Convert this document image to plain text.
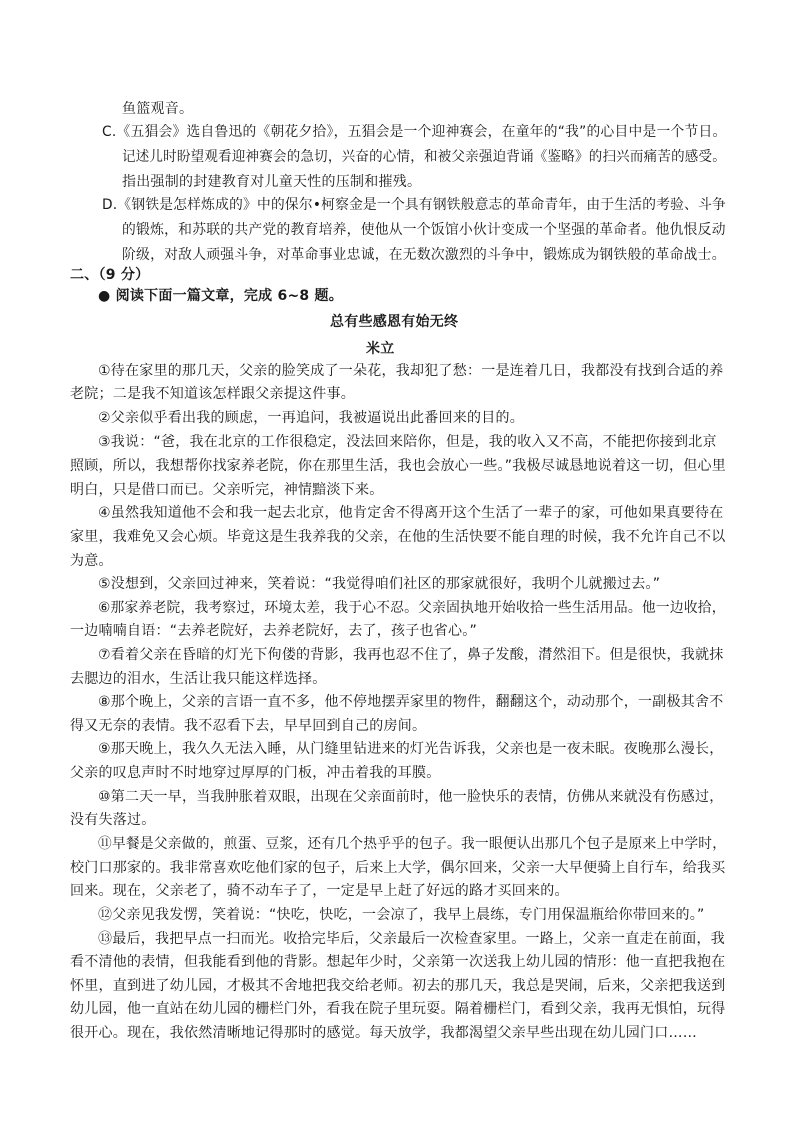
鱼篮观音。
C.《五猖会》选自鲁迅的《朝花夕拾》，五猖会是一个迎神赛会，在童年的“我”的心目中是一个节日。
记述儿时盼望观看迎神赛会的急切，兴奋的心情，和被父亲强迫背诵《鉴略》的扫兴而痛苦的感受。
指出强制的封建教育对儿童天性的压制和摧残。
D.《钢铁是怎样炼成的》中的保尔•柯察金是一个具有钢铁般意志的革命青年，由于生活的考验、斗争
的锻炼，和苏联的共产党的教育培养，使他从一个饭馆小伙计变成一个坚强的革命者。他仇恨反动
阶级，对敌人顽强斗争，对革命事业忠诚，在无数次激烈的斗争中，锻炼成为钢铁般的革命战士。
二、（9 分）
● 阅读下面一篇文章，完成 6~8 题。
总有些感恩有始无终
米立
①待在家里的那几天，父亲的脸笑成了一朵花，我却犯了愁：一是连着几日，我都没有找到合适的养
老院；二是我不知道该怎样跟父亲提这件事。
②父亲似乎看出我的顾虑，一再追问，我被逼说出此番回来的目的。
③我说：“爸，我在北京的工作很稳定，没法回来陪你，但是，我的收入又不高，不能把你接到北京
照顾，所以，我想帮你找家养老院，你在那里生活，我也会放心一些。”我极尽诚恳地说着这一切，但心里
明白，只是借口而已。父亲听完，神情黯淡下来。
④虽然我知道他不会和我一起去北京，他肯定舍不得离开这个生活了一辈子的家，可他如果真要待在
家里，我难免又会心烦。毕竟这是生我养我的父亲，在他的生活快要不能自理的时候，我不允许自己不以
为意。
⑤没想到，父亲回过神来，笑着说：“我觉得咱们社区的那家就很好，我明个儿就搬过去。”
⑥那家养老院，我考察过，环境太差，我于心不忍。父亲固执地开始收拾一些生活用品。他一边收拾，
一边喃喃自语：“去养老院好，去养老院好，去了，孩子也省心。”
⑦看着父亲在昏暗的灯光下佝偻的背影，我再也忍不住了，鼻子发酸，潸然泪下。但是很快，我就抹
去腮边的泪水，生活让我只能这样选择。
⑧那个晚上，父亲的言语一直不多，他不停地摆弄家里的物件，翻翻这个，动动那个，一副极其舍不
得又无奈的表情。我不忍看下去，早早回到自己的房间。
⑨那天晚上，我久久无法入睡，从门缝里钻进来的灯光告诉我，父亲也是一夜未眠。夜晚那么漫长，
父亲的叹息声时不时地穿过厚厚的门板，冲击着我的耳膜。
⑩第二天一早，当我肿胀着双眼，出现在父亲面前时，他一脸快乐的表情，仿佛从来就没有伤感过，
没有失落过。
⑪早餐是父亲做的，煎蛋、豆浆，还有几个热乎乎的包子。我一眼便认出那几个包子是原来上中学时，
校门口那家的。我非常喜欢吃他们家的包子，后来上大学，偶尔回来，父亲一大早便骑上自行车，给我买
回来。现在，父亲老了，骑不动车子了，一定是早上赶了好远的路才买回来的。
⑫父亲见我发愣，笑着说：“快吃，快吃，一会凉了，我早上晨练，专门用保温瓶给你带回来的。”
⑬最后，我把早点一扫而光。收拾完毕后，父亲最后一次检查家里。一路上，父亲一直走在前面，我
看不清他的表情，但我能看到他的背影。想起年少时，父亲第一次送我上幼儿园的情形：他一直把我抱在
怀里，直到进了幼儿园，才极其不舍地把我交给老师。初去的那几天，我总是哭闹，后来，父亲把我送到
幼儿园，他一直站在幼儿园的栅栏门外，看我在院子里玩耍。隔着栅栏门，看到父亲，我再无惧怕，玩得
很开心。现在，我依然清晰地记得那时的感觉。每天放学，我都渴望父亲早些出现在幼儿园门口……
